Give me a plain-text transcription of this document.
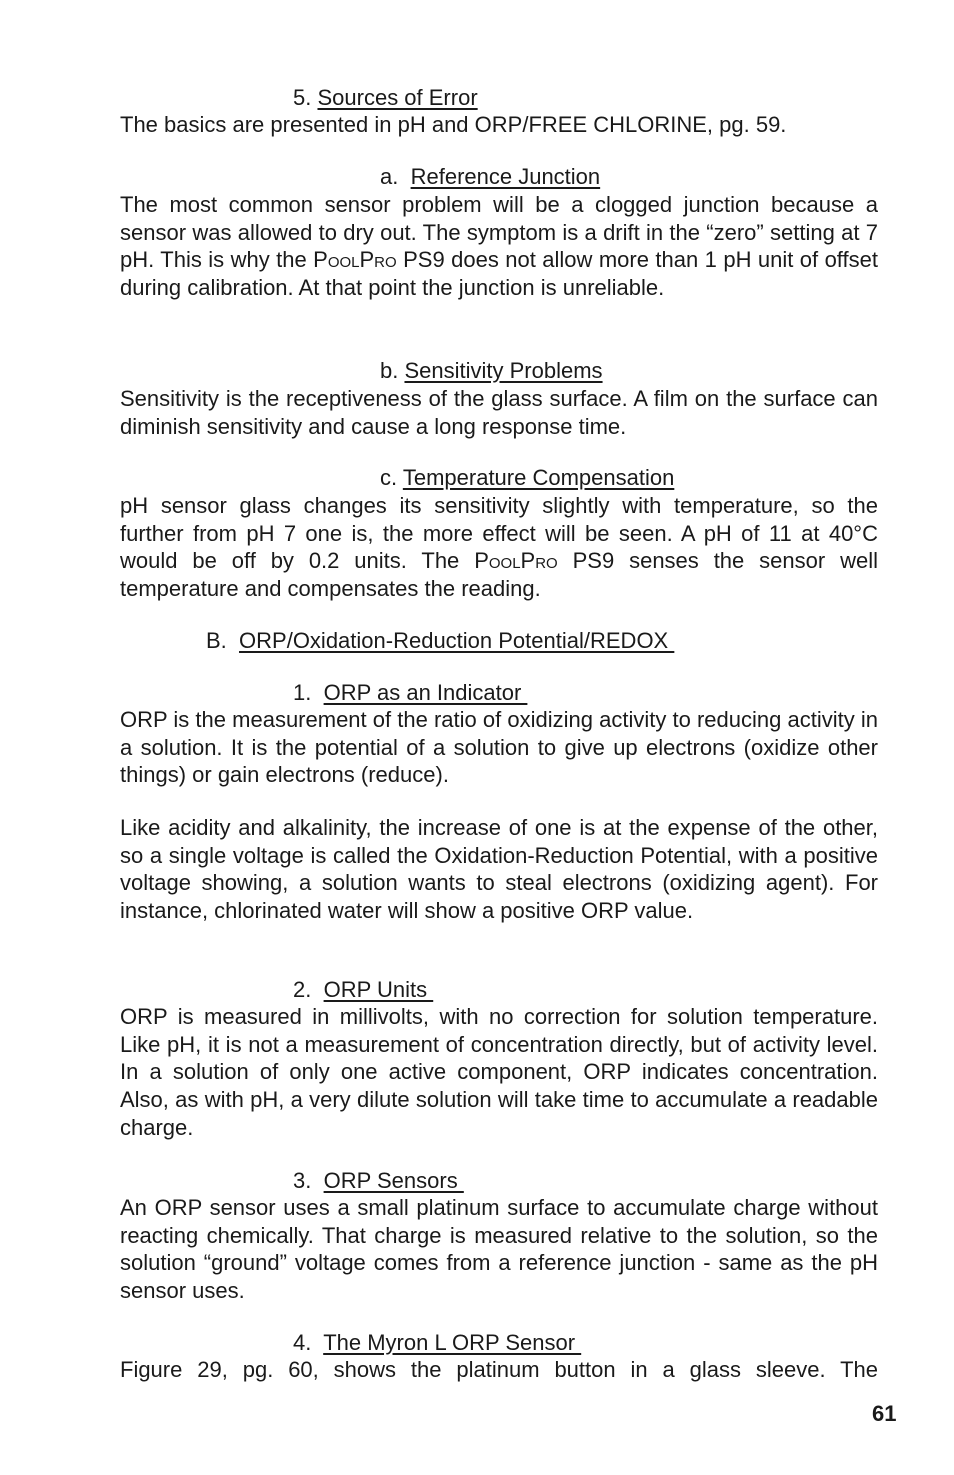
5. Sources of Error

The basics are presented in pH and ORP/FREE CHLORINE, pg. 59.

a. Reference Junction

The most common sensor problem will be a clogged junction because a sensor was allowed to dry out. The symptom is a drift in the “zero” setting at 7 pH. This is why the PoolPro PS9 does not allow more than 1 pH unit of offset during calibration. At that point the junction is unreliable.

b. Sensitivity Problems

Sensitivity is the receptiveness of the glass surface. A film on the surface can diminish sensitivity and cause a long response time.

c. Temperature Compensation

pH sensor glass changes its sensitivity slightly with temperature, so the further from pH 7 one is, the more effect will be seen. A pH of 11 at 40°C would be off by 0.2 units. The PoolPro PS9 senses the sensor well temperature and compensates the reading.

B. ORP/Oxidation-Reduction Potential/REDOX
1. ORP as an Indicator

ORP is the measurement of the ratio of oxidizing activity to reducing activity in a solution. It is the potential of a solution to give up electrons (oxidize other things) or gain electrons (reduce).

Like acidity and alkalinity, the increase of one is at the expense of the other, so a single voltage is called the Oxidation-Reduction Potential, with a positive voltage showing, a solution wants to steal electrons (oxidizing agent). For instance, chlorinated water will show a positive ORP value.

2. ORP Units

ORP is measured in millivolts, with no correction for solution temperature. Like pH, it is not a measurement of concentration directly, but of activity level. In a solution of only one active component, ORP indicates concentration. Also, as with pH, a very dilute solution will take time to accumulate a readable charge.

3. ORP Sensors

An ORP sensor uses a small platinum surface to accumulate charge without reacting chemically. That charge is measured relative to the solution, so the solution “ground” voltage comes from a reference junction - same as the pH sensor uses.

4. The Myron L ORP Sensor

Figure 29, pg. 60, shows the platinum button in a glass sleeve. The

61
